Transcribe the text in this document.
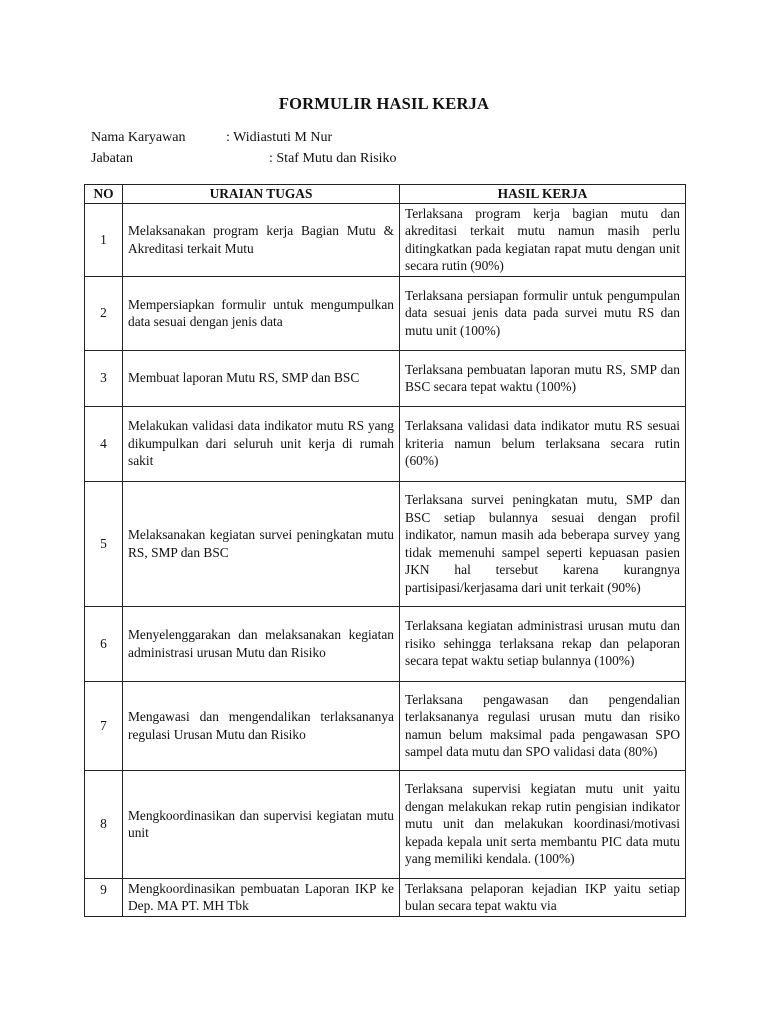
FORMULIR HASIL KERJA
Nama Karyawan	: Widiastuti M Nur
Jabatan	: Staf Mutu dan Risiko
NO	URAIAN TUGAS	HASIL KERJA
1	Melaksanakan program kerja Bagian Mutu & Akreditasi terkait Mutu	Terlaksana program kerja bagian mutu dan akreditasi terkait mutu namun masih perlu ditingkatkan pada kegiatan rapat mutu dengan unit secara rutin (90%)
2	Mempersiapkan formulir untuk mengumpulkan data sesuai dengan jenis data	Terlaksana persiapan formulir untuk pengumpulan data sesuai jenis data pada survei mutu RS dan mutu unit (100%)
3	Membuat laporan Mutu RS, SMP dan BSC	Terlaksana pembuatan laporan mutu RS, SMP dan BSC secara tepat waktu (100%)
4	Melakukan validasi data indikator mutu RS yang dikumpulkan dari seluruh unit kerja di rumah sakit	Terlaksana validasi data indikator mutu RS sesuai kriteria namun belum terlaksana secara rutin (60%)
5	Melaksanakan kegiatan survei peningkatan mutu RS, SMP dan BSC	Terlaksana survei peningkatan mutu, SMP dan BSC setiap bulannya sesuai dengan profil indikator, namun masih ada beberapa survey yang tidak memenuhi sampel seperti kepuasan pasien JKN hal tersebut karena kurangnya partisipasi/kerjasama dari unit terkait (90%)
6	Menyelenggarakan dan melaksanakan kegiatan administrasi urusan Mutu dan Risiko	Terlaksana kegiatan administrasi urusan mutu dan risiko sehingga terlaksana rekap dan pelaporan secara tepat waktu setiap bulannya (100%)
7	Mengawasi dan mengendalikan terlaksananya regulasi Urusan Mutu dan Risiko	Terlaksana pengawasan dan pengendalian terlaksananya regulasi urusan mutu dan risiko namun belum maksimal pada pengawasan SPO sampel data mutu dan SPO validasi data (80%)
8	Mengkoordinasikan dan supervisi kegiatan mutu unit	Terlaksana supervisi kegiatan mutu unit yaitu dengan melakukan rekap rutin pengisian indikator mutu unit dan melakukan koordinasi/motivasi kepada kepala unit serta membantu PIC data mutu yang memiliki kendala. (100%)
9	Mengkoordinasikan pembuatan Laporan IKP ke Dep. MA PT. MH Tbk	Terlaksana pelaporan kejadian IKP yaitu setiap bulan secara tepat waktu via
